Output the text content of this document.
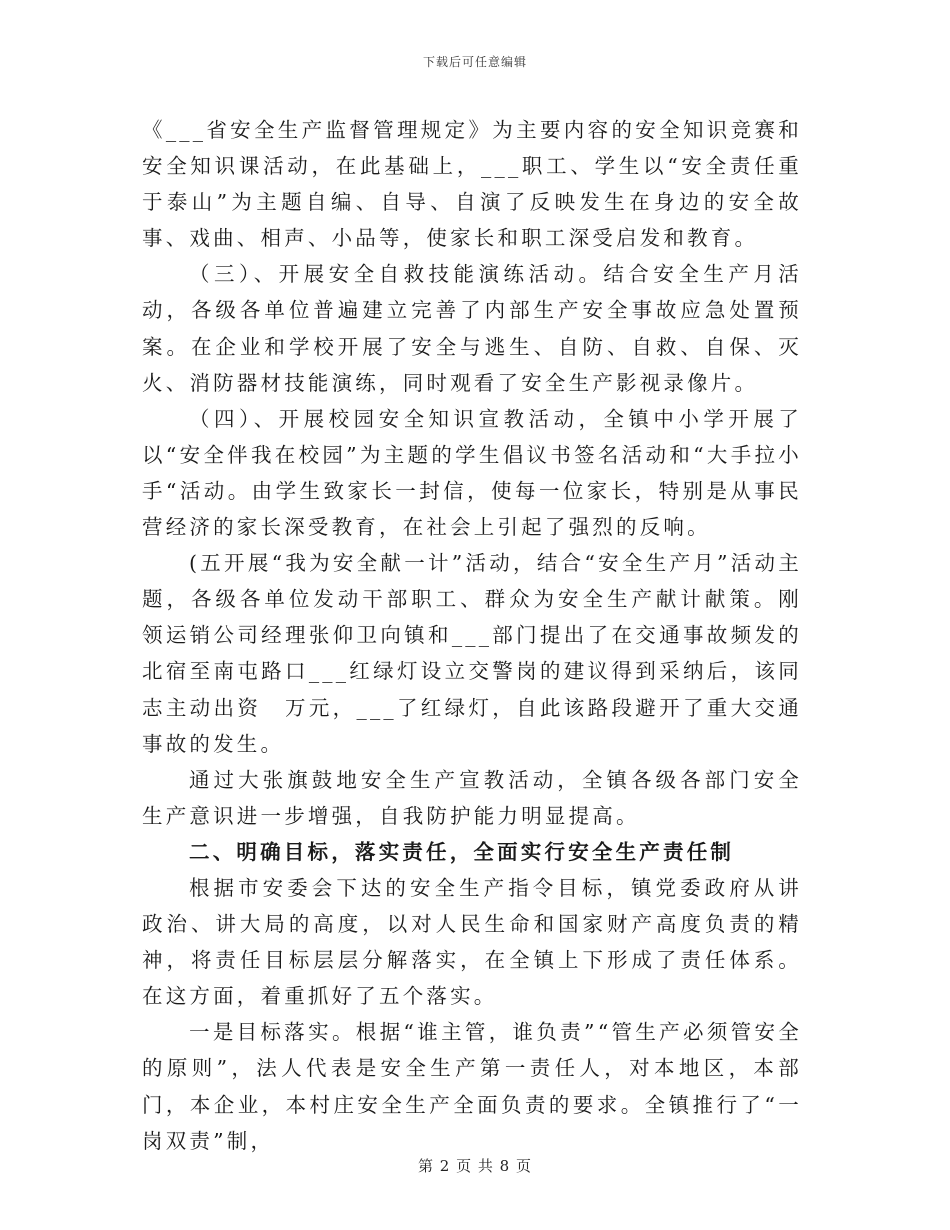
下载后可任意编辑

《___省安全生产监督管理规定》为主要内容的安全知识竞赛和安全知识课活动，在此基础上，___职工、学生以“安全责任重于泰山”为主题自编、自导、自演了反映发生在身边的安全故事、戏曲、相声、小品等，使家长和职工深受启发和教育。

（三）、开展安全自救技能演练活动。结合安全生产月活动，各级各单位普遍建立完善了内部生产安全事故应急处置预案。在企业和学校开展了安全与逃生、自防、自救、自保、灭火、消防器材技能演练，同时观看了安全生产影视录像片。

（四）、开展校园安全知识宣教活动，全镇中小学开展了以“安全伴我在校园”为主题的学生倡议书签名活动和“大手拉小手“活动。由学生致家长一封信，使每一位家长，特别是从事民营经济的家长深受教育，在社会上引起了强烈的反响。

(五开展“我为安全献一计”活动，结合“安全生产月”活动主题，各级各单位发动干部职工、群众为安全生产献计献策。刚领运销公司经理张仰卫向镇和___部门提出了在交通事故频发的北宿至南屯路口___红绿灯设立交警岗的建议得到采纳后，该同志主动出资　万元，___了红绿灯，自此该路段避开了重大交通事故的发生。

通过大张旗鼓地安全生产宣教活动，全镇各级各部门安全生产意识进一步增强，自我防护能力明显提高。

二、明确目标，落实责任，全面实行安全生产责任制

根据市安委会下达的安全生产指令目标，镇党委政府从讲政治、讲大局的高度，以对人民生命和国家财产高度负责的精神，将责任目标层层分解落实，在全镇上下形成了责任体系。在这方面，着重抓好了五个落实。

一是目标落实。根据“谁主管，谁负责”“管生产必须管安全的原则”，法人代表是安全生产第一责任人，对本地区，本部门，本企业，本村庄安全生产全面负责的要求。全镇推行了“一岗双责”制，

第 2 页 共 8 页
